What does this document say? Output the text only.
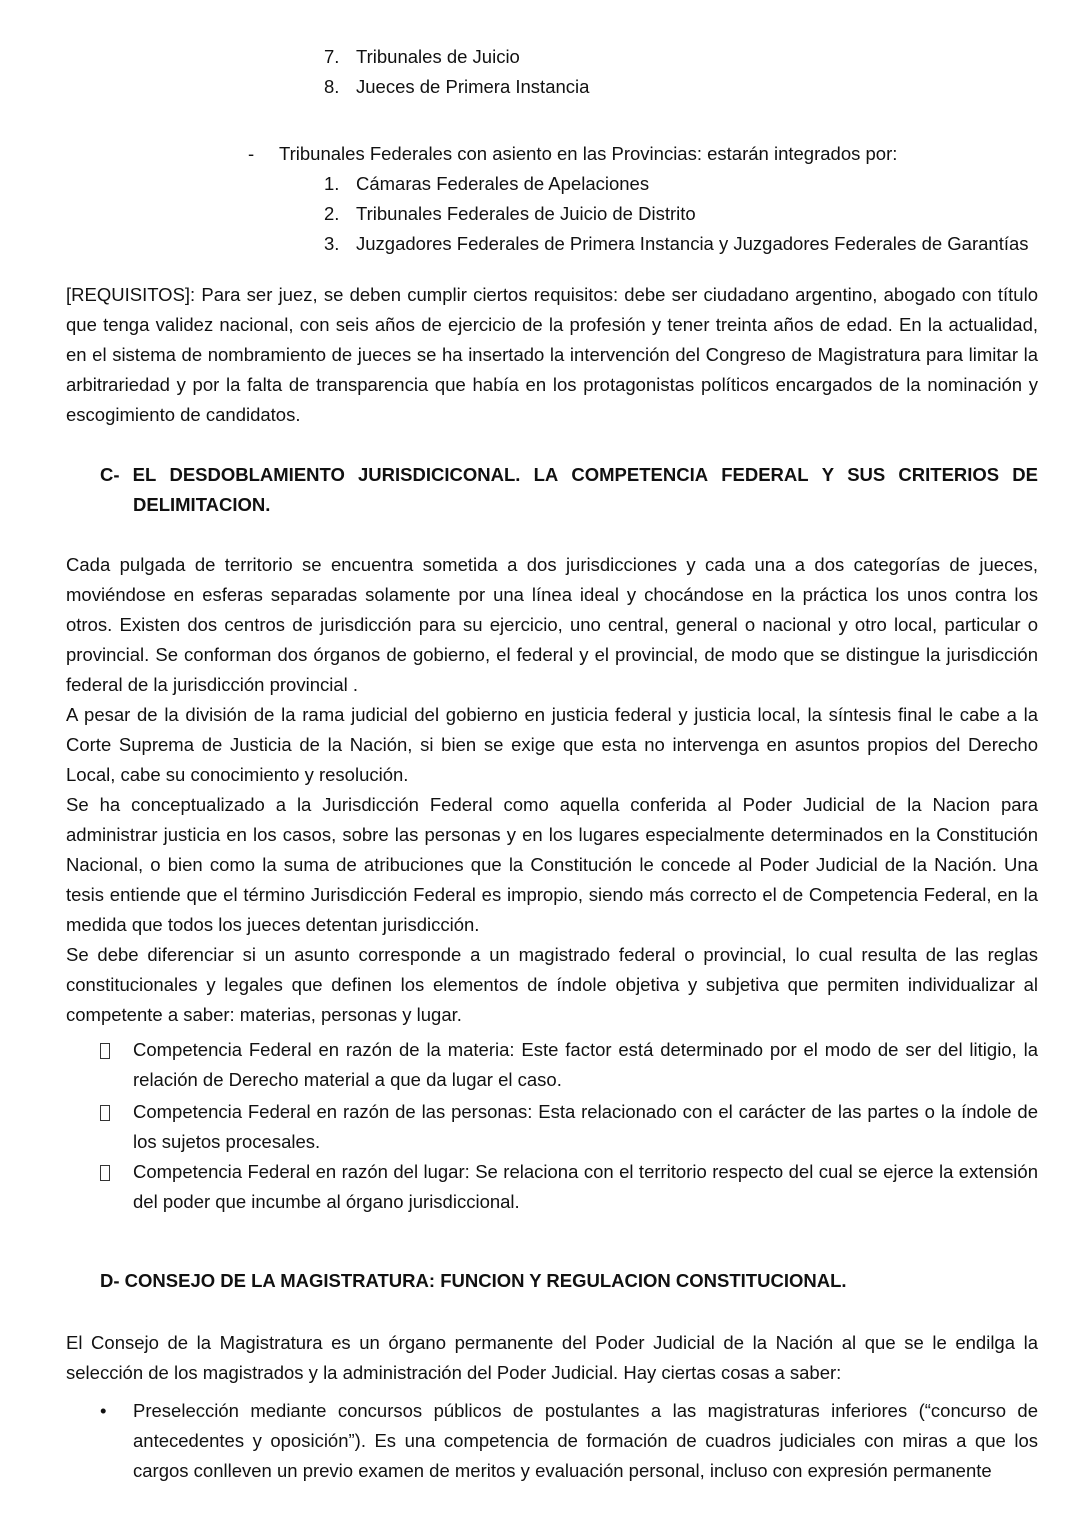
7. Tribunales de Juicio
8. Jueces de Primera Instancia
- Tribunales Federales con asiento en las Provincias: estarán integrados por:
1. Cámaras Federales de Apelaciones
2. Tribunales Federales de Juicio de Distrito
3. Juzgadores Federales de Primera Instancia y Juzgadores Federales de Garantías
[REQUISITOS]: Para ser juez, se deben cumplir ciertos requisitos: debe ser ciudadano argentino, abogado con título que tenga validez nacional, con seis años de ejercicio de la profesión y tener treinta años de edad. En la actualidad, en el sistema de nombramiento de jueces se ha insertado la intervención del Congreso de Magistratura para limitar la arbitrariedad y por la falta de transparencia que había en los protagonistas políticos encargados de la nominación y escogimiento de candidatos.
C- EL DESDOBLAMIENTO JURISDICICONAL. LA COMPETENCIA FEDERAL Y SUS CRITERIOS DE
DELIMITACION.
Cada pulgada de territorio se encuentra sometida a dos jurisdicciones y cada una a dos categorías de jueces, moviéndose en esferas separadas solamente por una línea ideal y chocándose en la práctica los unos contra los otros. Existen dos centros de jurisdicción para su ejercicio, uno central, general o nacional y otro local, particular o provincial. Se conforman dos órganos de gobierno, el federal y el provincial, de modo que se distingue la jurisdicción federal de la jurisdicción provincial .
A pesar de la división de la rama judicial del gobierno en justicia federal y justicia local, la síntesis final le cabe a la Corte Suprema de Justicia de la Nación, si bien se exige que esta no intervenga en asuntos propios del Derecho Local, cabe su conocimiento y resolución.
Se ha conceptualizado a la Jurisdicción Federal como aquella conferida al Poder Judicial de la Nacion para administrar justicia en los casos, sobre las personas y en los lugares especialmente determinados en la Constitución Nacional, o bien como la suma de atribuciones que la Constitución le concede al Poder Judicial de la Nación. Una tesis entiende que el término Jurisdicción Federal es impropio, siendo más correcto el de Competencia Federal, en la medida que todos los jueces detentan jurisdicción.
Se debe diferenciar si un asunto corresponde a un magistrado federal o provincial, lo cual resulta de las reglas constitucionales y legales que definen los elementos de índole objetiva y subjetiva que permiten individualizar al competente a saber: materias, personas y lugar.
Competencia Federal en razón de la materia: Este factor está determinado por el modo de ser del litigio, la relación de Derecho material a que da lugar el caso.
Competencia Federal en razón de las personas: Esta relacionado con el carácter de las partes o la índole de los sujetos procesales.
Competencia Federal en razón del lugar: Se relaciona con el territorio respecto del cual se ejerce la extensión del poder que incumbe al órgano jurisdiccional.
D- CONSEJO DE LA MAGISTRATURA: FUNCION Y REGULACION CONSTITUCIONAL.
El Consejo de la Magistratura es un órgano permanente del Poder Judicial de la Nación al que se le endilga la selección de los magistrados y la administración del Poder Judicial. Hay ciertas cosas a saber:
•	Preselección mediante concursos públicos de postulantes a las magistraturas inferiores (“concurso de antecedentes y oposición”). Es una competencia de formación de cuadros judiciales con miras a que los cargos conlleven un previo examen de meritos y evaluación personal, incluso con expresión permanente
